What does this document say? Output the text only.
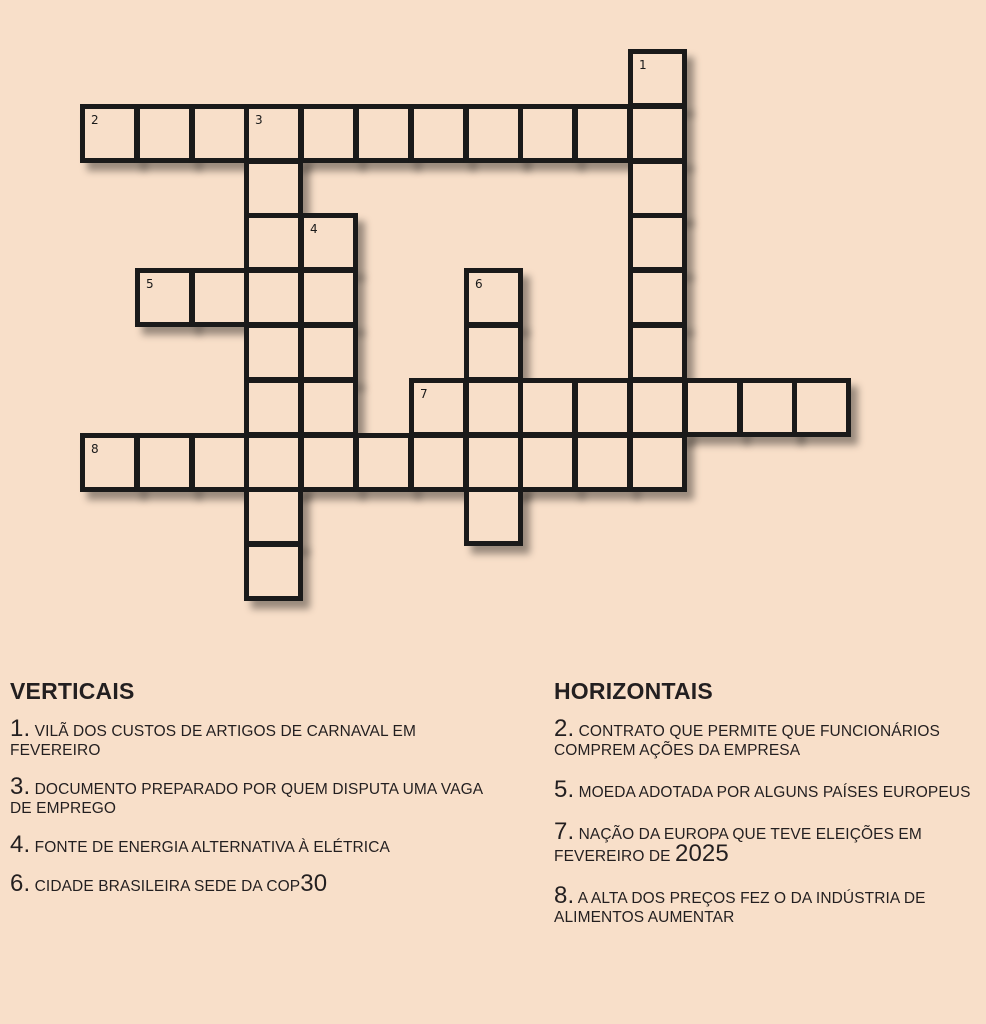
1
2	3
4
5	6
7
8
VERTICAIS

1. VILÃ DOS CUSTOS DE ARTIGOS DE CARNAVAL EM FEVEREIRO

3. DOCUMENTO PREPARADO POR QUEM DISPUTA UMA VAGA DE EMPREGO

4. FONTE DE ENERGIA ALTERNATIVA À ELÉTRICA

6. CIDADE BRASILEIRA SEDE DA COP30

HORIZONTAIS

2. CONTRATO QUE PERMITE QUE FUNCIONÁRIOS COMPREM AÇÕES DA EMPRESA

5. MOEDA ADOTADA POR ALGUNS PAÍSES EUROPEUS

7. NAÇÃO DA EUROPA QUE TEVE ELEIÇÕES EM FEVEREIRO DE 2025

8. A ALTA DOS PREÇOS FEZ O DA INDÚSTRIA DE ALIMENTOS AUMENTAR
